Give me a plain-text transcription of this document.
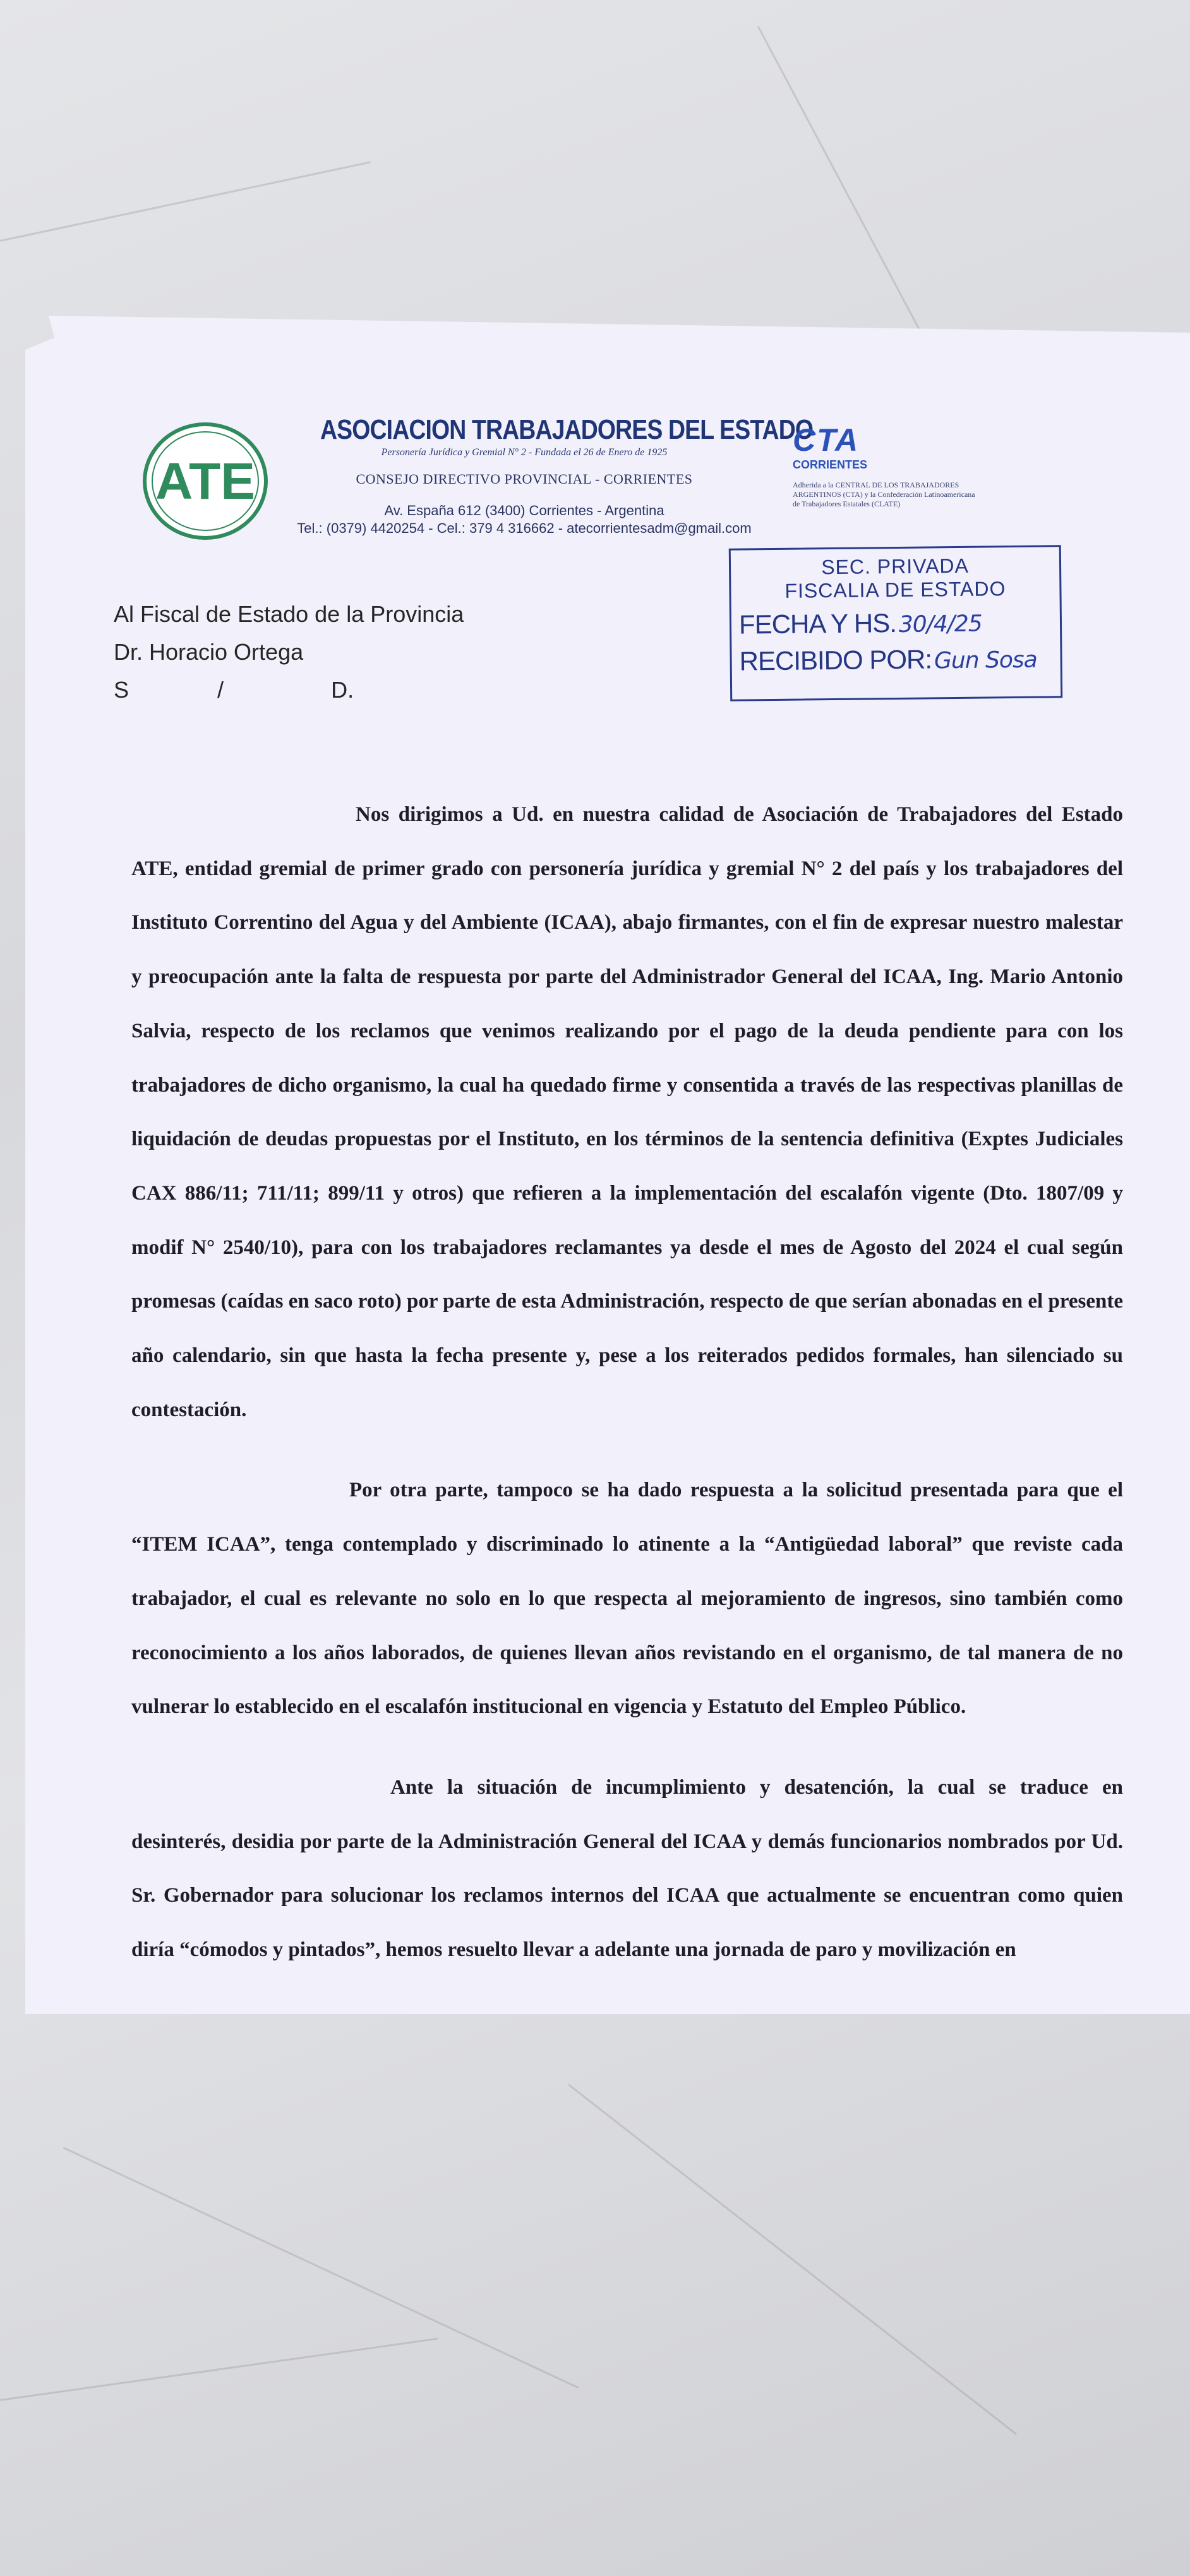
ATE
ASOCIACION TRABAJADORES DEL ESTADO
Personería Jurídica y Gremial N° 2 - Fundada el 26 de Enero de 1925
CONSEJO DIRECTIVO PROVINCIAL - CORRIENTES
Av. España 612 (3400) Corrientes - Argentina
Tel.: (0379) 4420254 - Cel.: 379 4 316662 - atecorrientesadm@gmail.com
CTA
CORRIENTES
Adherida a la CENTRAL DE LOS TRABAJADORES ARGENTINOS (CTA) y la Confederación Latinoamericana de Trabajadores Estatales (CLATE)
SEC. PRIVADA
FISCALIA DE ESTADO
FECHA Y HS.30/4/25
RECIBIDO POR:Gun Sosa
Al Fiscal de Estado de la Provincia
Dr. Horacio Ortega
S              /                 D.

Nos dirigimos a Ud. en nuestra calidad de Asociación de Trabajadores del Estado ATE, entidad gremial de primer grado con personería jurídica y gremial N° 2 del país y los trabajadores del Instituto Correntino del Agua y del Ambiente (ICAA), abajo firmantes, con el fin de expresar nuestro malestar y preocupación ante la falta de respuesta por parte del Administrador General del ICAA, Ing. Mario Antonio Salvia, respecto de los reclamos que venimos realizando por el pago de la deuda pendiente para con los trabajadores de dicho organismo, la cual ha quedado firme y consentida a través de las respectivas planillas de liquidación de deudas propuestas por el Instituto, en los términos de la sentencia definitiva (Exptes Judiciales CAX 886/11; 711/11; 899/11 y otros) que refieren a la implementación del escalafón vigente (Dto. 1807/09 y modif N° 2540/10), para con los trabajadores reclamantes ya desde el mes de Agosto del 2024 el cual según promesas (caídas en saco roto) por parte de esta Administración, respecto de que serían abonadas en el presente año calendario, sin que hasta la fecha presente y, pese a los reiterados pedidos formales, han silenciado su contestación.

Por otra parte, tampoco se ha dado respuesta a la solicitud presentada para que el “ITEM ICAA”, tenga contemplado y discriminado lo atinente a la “Antigüedad laboral” que reviste cada trabajador, el cual es relevante no solo en lo que respecta al mejoramiento de ingresos, sino también como reconocimiento a los años laborados, de quienes llevan años revistando en el organismo, de tal manera de no vulnerar lo establecido en el escalafón institucional en vigencia y Estatuto del Empleo Público.

Ante la situación de incumplimiento y desatención, la cual se traduce en desinterés, desidia por parte de la Administración General del ICAA y demás funcionarios nombrados por Ud. Sr. Gobernador para solucionar los reclamos internos del ICAA que actualmente se encuentran como quien diría “cómodos y pintados”, hemos resuelto llevar a adelante una jornada de paro y movilización en
